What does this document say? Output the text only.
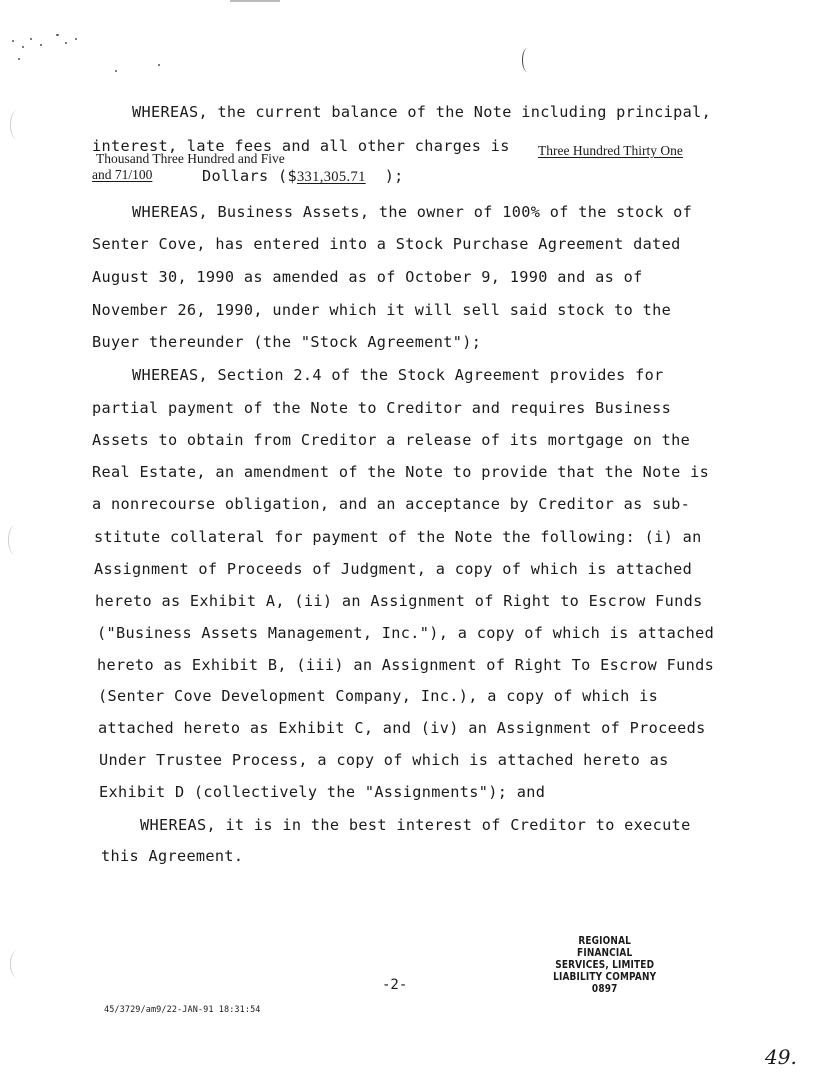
WHEREAS, the current balance of the Note including principal,
interest, late fees and all other charges is Three Hundred Thirty One
Thousand Three Hundred and Five
and 71/100	Dollars ($331,305.71 );
WHEREAS, Business Assets, the owner of 100% of the stock of
Senter Cove, has entered into a Stock Purchase Agreement dated
August 30, 1990 as amended as of October 9, 1990 and as of
November 26, 1990, under which it will sell said stock to the
Buyer thereunder (the "Stock Agreement");
WHEREAS, Section 2.4 of the Stock Agreement provides for
partial payment of the Note to Creditor and requires Business
Assets to obtain from Creditor a release of its mortgage on the
Real Estate, an amendment of the Note to provide that the Note is
a nonrecourse obligation, and an acceptance by Creditor as sub-
stitute collateral for payment of the Note the following: (i) an
Assignment of Proceeds of Judgment, a copy of which is attached
hereto as Exhibit A, (ii) an Assignment of Right to Escrow Funds
("Business Assets Management, Inc."), a copy of which is attached
hereto as Exhibit B, (iii) an Assignment of Right To Escrow Funds
(Senter Cove Development Company, Inc.), a copy of which is
attached hereto as Exhibit C, and (iv) an Assignment of Proceeds
Under Trustee Process, a copy of which is attached hereto as
Exhibit D (collectively the "Assignments"); and
WHEREAS, it is in the best interest of Creditor to execute
this Agreement.
REGIONAL FINANCIAL
SERVICES, LIMITED
LIABILITY COMPANY
0897
-2-
45/3729/am9/22-JAN-91 18:31:54
49.
